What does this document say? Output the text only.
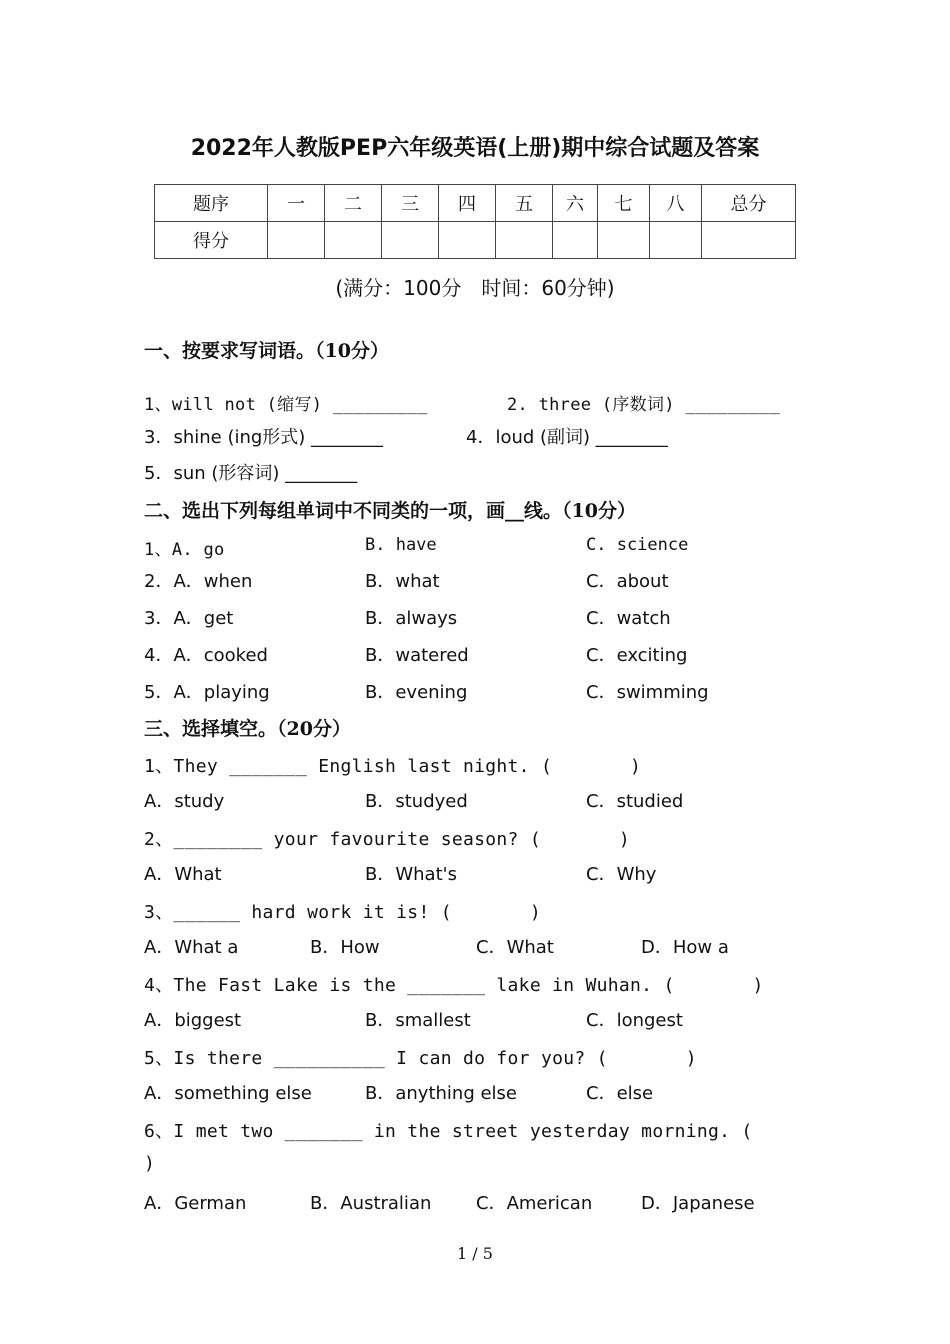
2022年人教版PEP六年级英语(上册)期中综合试题及答案
题序	一	二	三	四	五	六	七	八	总分
得分									
(满分：100分　时间：60分钟)
一、按要求写词语。（10分）
1、will not (缩写) _________	2. three (序数词) _________
3．shine (ing形式) ________	4．loud (副词) ________
5．sun (形容词) ________
二、选出下列每组单词中不同类的一项，画__线。（10分）
1、A. go	B. have	C. science
2．A．when	B．what	C．about
3．A．get	B．always	C．watch
4．A．cooked	B．watered	C．exciting
5．A．playing	B．evening	C．swimming
三、选择填空。（20分）
1、They _______ English last night. (       )
A．study	B．studyed	C．studied
2、________ your favourite season? (       )
A．What	B．What's	C．Why
3、______ hard work it is! (       )
A．What a	B．How	C．What	D．How a
4、The Fast Lake is the _______ lake in Wuhan. (       )
A．biggest	B．smallest	C．longest
5、Is there __________ I can do for you? (       )
A．something else	B．anything else	C．else
6、I met two _______ in the street yesterday morning. (
)
A．German	B．Australian C．American	D．Japanese
1 / 5
